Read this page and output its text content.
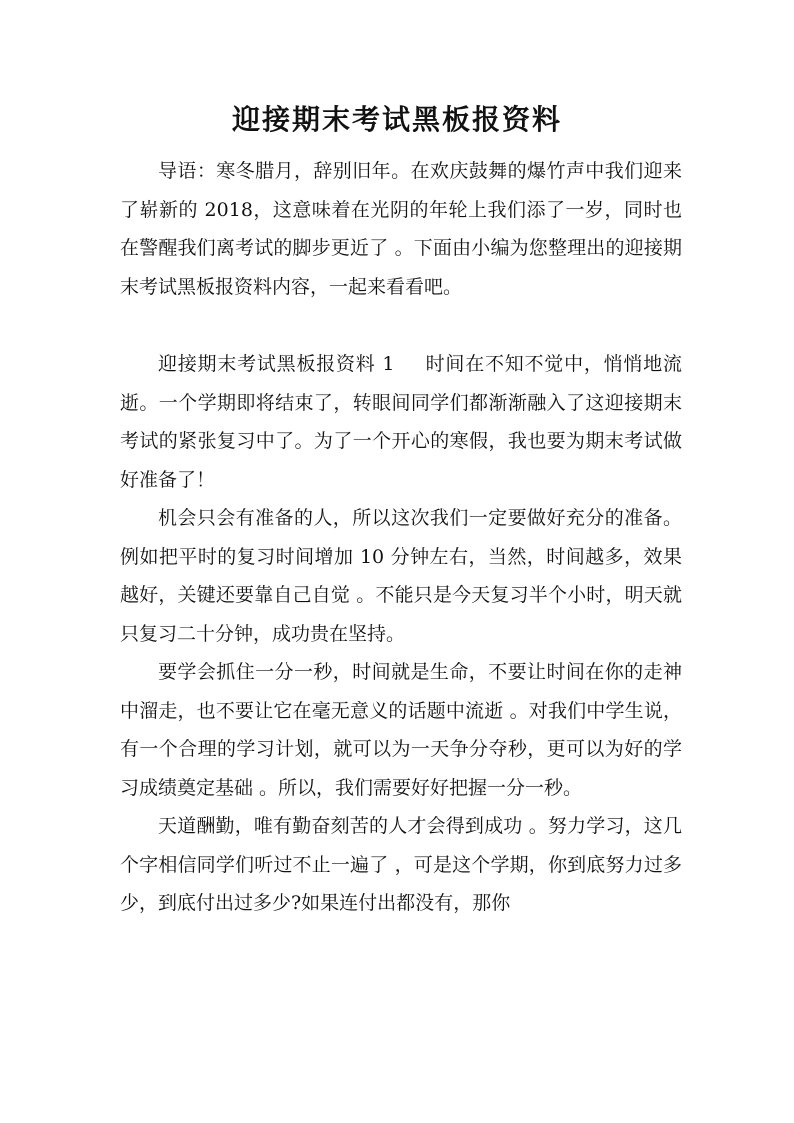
迎接期末考试黑板报资料

导语：寒冬腊月，辞别旧年。在欢庆鼓舞的爆竹声中我们迎来了崭新的 2018，这意味着在光阴的年轮上我们添了一岁，同时也在警醒我们离考试的脚步更近了 。下面由小编为您整理出的迎接期末考试黑板报资料内容，一起来看看吧。

迎接期末考试黑板报资料 1 时间在不知不觉中，悄悄地流逝。一个学期即将结束了，转眼间同学们都渐渐融入了这迎接期末考试的紧张复习中了。为了一个开心的寒假，我也要为期末考试做好准备了！

机会只会有准备的人，所以这次我们一定要做好充分的准备。例如把平时的复习时间增加 10 分钟左右，当然，时间越多，效果越好，关键还要靠自己自觉 。不能只是今天复习半个小时，明天就只复习二十分钟，成功贵在坚持。

要学会抓住一分一秒，时间就是生命，不要让时间在你的走神中溜走，也不要让它在毫无意义的话题中流逝 。对我们中学生说，有一个合理的学习计划，就可以为一天争分夺秒，更可以为好的学习成绩奠定基础 。所以，我们需要好好把握一分一秒。

天道酬勤，唯有勤奋刻苦的人才会得到成功 。努力学习，这几个字相信同学们听过不止一遍了 ，可是这个学期，你到底努力过多少，到底付出过多少?如果连付出都没有，那你
